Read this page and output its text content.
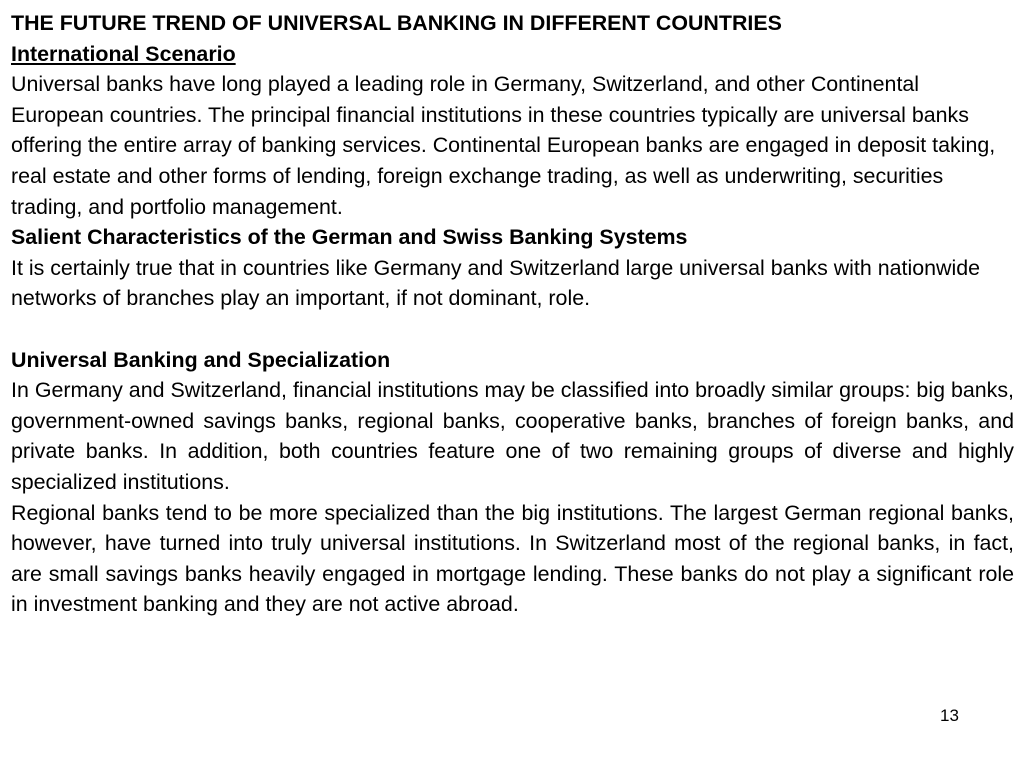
THE FUTURE TREND OF UNIVERSAL BANKING IN DIFFERENT COUNTRIES
International Scenario

Universal banks have long played a leading role in Germany, Switzerland, and other Continental European countries. The principal financial institutions in these countries typically are universal banks offering the entire array of banking services. Continental European banks are engaged in deposit taking, real estate and other forms of lending, foreign exchange trading, as well as underwriting, securities trading, and portfolio management.

Salient Characteristics of the German and Swiss Banking Systems

It is certainly true that in countries like Germany and Switzerland large universal banks with nationwide networks of branches play an important, if not dominant, role.

Universal Banking and Specialization

In Germany and Switzerland, financial institutions may be classified into broadly similar groups: big banks, government-owned savings banks, regional banks, cooperative banks, branches of foreign banks, and private banks. In addition, both countries feature one of two remaining groups of diverse and highly specialized institutions.

Regional banks tend to be more specialized than the big institutions. The largest German regional banks, however, have turned into truly universal institutions. In Switzerland most of the regional banks, in fact, are small savings banks heavily engaged in mortgage lending. These banks do not play a significant role in investment banking and they are not active abroad.

13
